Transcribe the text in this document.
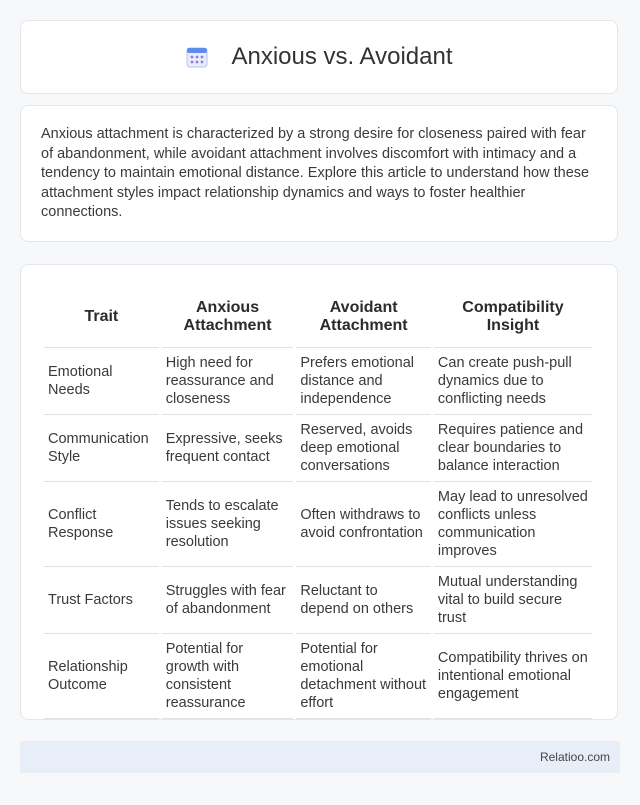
Anxious vs. Avoidant

Anxious attachment is characterized by a strong desire for closeness paired with fear of abandonment, while avoidant attachment involves discomfort with intimacy and a tendency to maintain emotional distance. Explore this article to understand how these attachment styles impact relationship dynamics and ways to foster healthier connections.

Trait	Anxious Attachment	Avoidant Attachment	Compatibility Insight
Emotional Needs	High need for reassurance and closeness	Prefers emotional distance and independence	Can create push-pull dynamics due to conflicting needs
Communication Style	Expressive, seeks frequent contact	Reserved, avoids deep emotional conversations	Requires patience and clear boundaries to balance interaction
Conflict Response	Tends to escalate issues seeking resolution	Often withdraws to avoid confrontation	May lead to unresolved conflicts unless communication improves
Trust Factors	Struggles with fear of abandonment	Reluctant to depend on others	Mutual understanding vital to build secure trust
Relationship Outcome	Potential for growth with consistent reassurance	Potential for emotional detachment without effort	Compatibility thrives on intentional emotional engagement
Relatioo.com
